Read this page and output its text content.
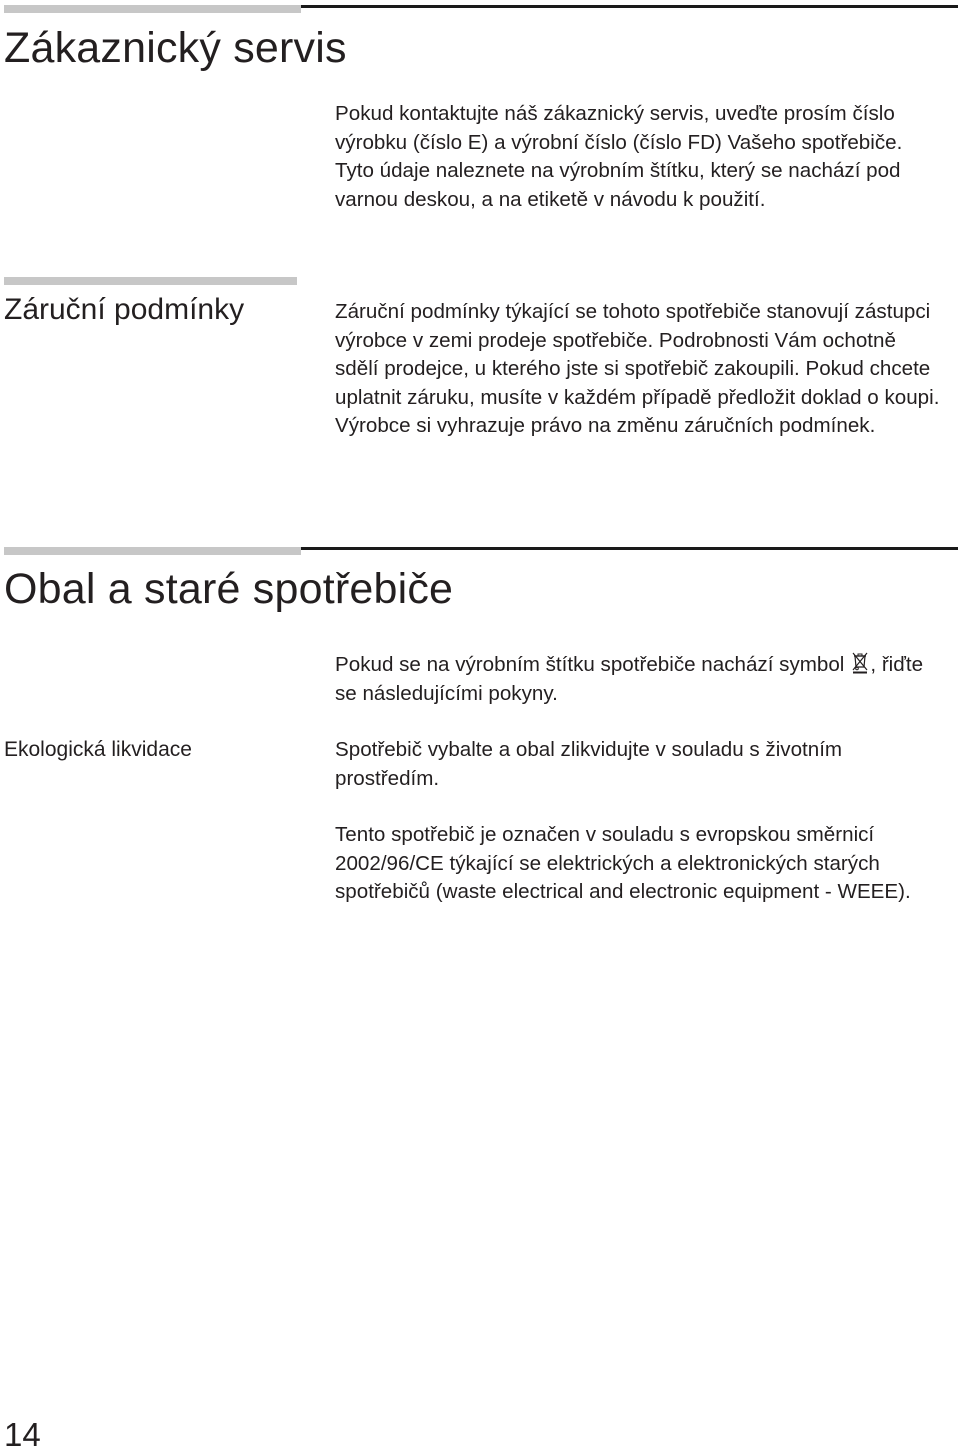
Zákaznický servis

Pokud kontaktujte náš zákaznický servis, uveďte prosím číslo výrobku (číslo E) a výrobní číslo (číslo FD) Vašeho spotřebiče. Tyto údaje naleznete na výrobním štítku, který se nachází pod varnou deskou, a na etiketě v návodu k použití.

Záruční podmínky	Záruční podmínky týkající se tohoto spotřebiče stanovují zástupci výrobce v zemi prodeje spotřebiče. Podrobnosti Vám ochotně sdělí prodejce, u kterého jste si spotřebič zakoupili. Pokud chcete uplatnit záruku, musíte v každém případě předložit doklad o koupi. Výrobce si vyhrazuje právo na změnu záručních podmínek.

Obal a staré spotřebiče

Pokud se na výrobním štítku spotřebiče nachází symbol , řiďte se následujícími pokyny.

Ekologická likvidace	Spotřebič vybalte a obal zlikvidujte v souladu s životním prostředím.

Tento spotřebič je označen v souladu s evropskou směrnicí 2002/96/CE týkající se elektrických a elektronických starých spotřebičů (waste electrical and electronic equipment - WEEE).

14
